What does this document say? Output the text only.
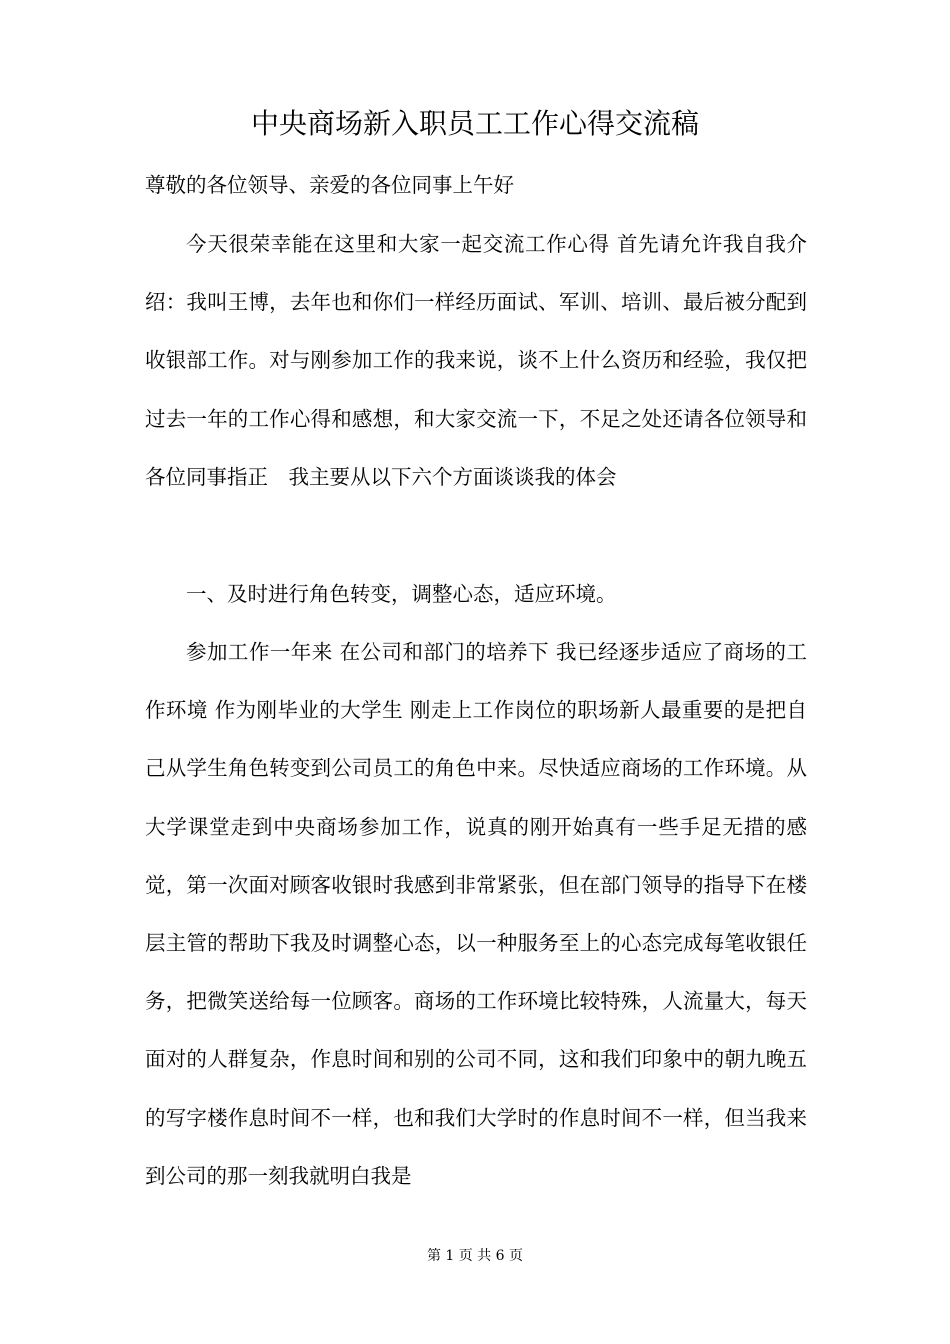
中央商场新入职员工工作心得交流稿
尊敬的各位领导、亲爱的各位同事上午好
今天很荣幸能在这里和大家一起交流工作心得 首先请允许我自我介绍：我叫王博，去年也和你们一样经历面试、军训、培训、最后被分配到收银部工作。对与刚参加工作的我来说，谈不上什么资历和经验，我仅把过去一年的工作心得和感想，和大家交流一下，不足之处还请各位领导和各位同事指正　我主要从以下六个方面谈谈我的体会
一、及时进行角色转变，调整心态，适应环境。
参加工作一年来 在公司和部门的培养下 我已经逐步适应了商场的工作环境 作为刚毕业的大学生 刚走上工作岗位的职场新人最重要的是把自己从学生角色转变到公司员工的角色中来。尽快适应商场的工作环境。从大学课堂走到中央商场参加工作，说真的刚开始真有一些手足无措的感觉，第一次面对顾客收银时我感到非常紧张，但在部门领导的指导下在楼层主管的帮助下我及时调整心态，以一种服务至上的心态完成每笔收银任务，把微笑送给每一位顾客。商场的工作环境比较特殊，人流量大，每天面对的人群复杂，作息时间和别的公司不同，这和我们印象中的朝九晚五的写字楼作息时间不一样，也和我们大学时的作息时间不一样，但当我来到公司的那一刻我就明白我是
第 1 页 共 6 页
